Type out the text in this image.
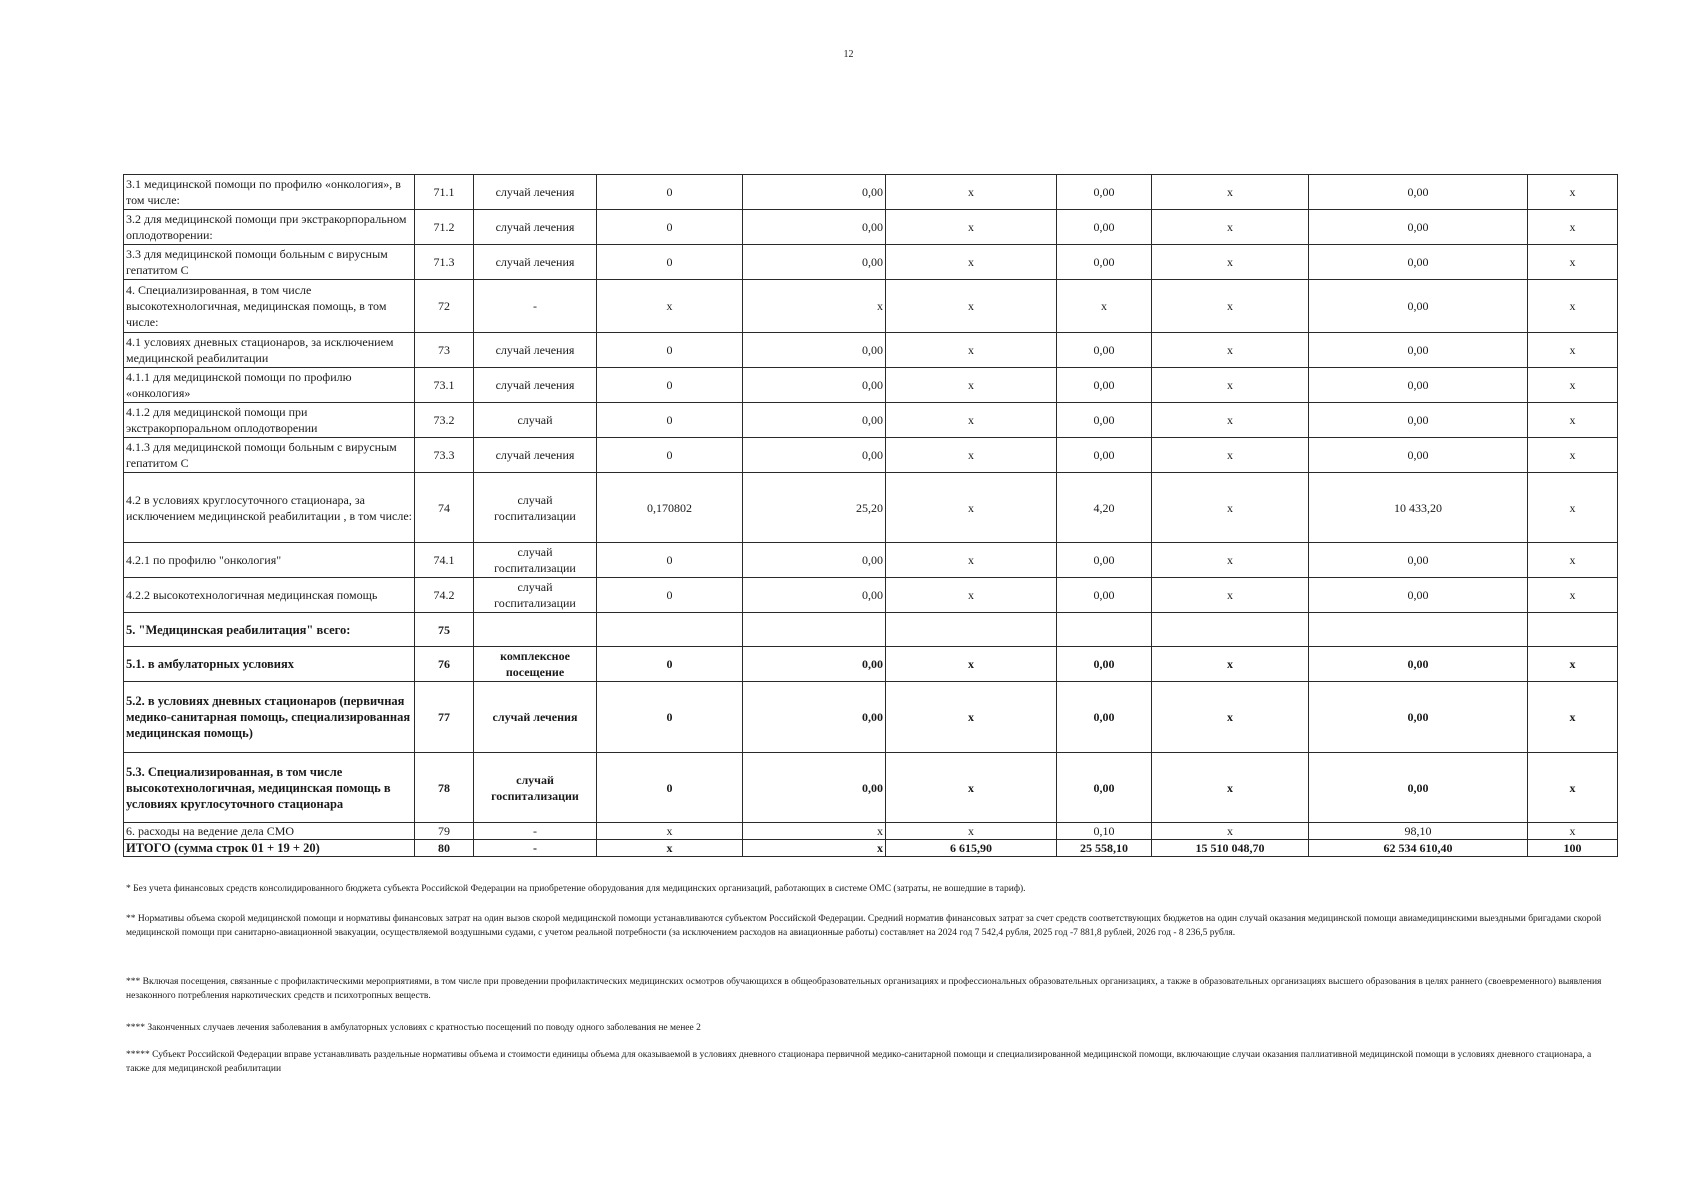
12
3.1 медицинской помощи по профилю «онкология», в том числе:	71.1	случай лечения	0	0,00	x	0,00	x	0,00	x
3.2 для медицинской помощи при экстракорпоральном оплодотворении:	71.2	случай лечения	0	0,00	x	0,00	x	0,00	x
3.3 для медицинской помощи больным с вирусным гепатитом С	71.3	случай лечения	0	0,00	x	0,00	x	0,00	x
4. Специализированная, в том числе высокотехнологичная, медицинская помощь, в том числе:	72	-	x	x	x	x	x	0,00	x
4.1 условиях дневных стационаров, за исключением медицинской реабилитации	73	случай лечения	0	0,00	x	0,00	x	0,00	x
4.1.1 для медицинской помощи по профилю «онкология»	73.1	случай лечения	0	0,00	x	0,00	x	0,00	x
4.1.2 для медицинской помощи при экстракорпоральном оплодотворении	73.2	случай	0	0,00	x	0,00	x	0,00	x
4.1.3 для медицинской помощи больным с вирусным гепатитом С	73.3	случай лечения	0	0,00	x	0,00	x	0,00	x
4.2 в условиях круглосуточного стационара, за исключением медицинской реабилитации , в том числе:	74	случай госпитализации	0,170802	25,20	x	4,20	x	10 433,20	x
4.2.1 по профилю "онкология"	74.1	случай госпитализации	0	0,00	x	0,00	x	0,00	x
4.2.2 высокотехнологичная медицинская помощь	74.2	случай госпитализации	0	0,00	x	0,00	x	0,00	x
5. "Медицинская реабилитация" всего:	75								
5.1. в амбулаторных условиях	76	комплексное посещение	0	0,00	x	0,00	x	0,00	x
5.2. в условиях дневных стационаров (первичная медико-санитарная помощь, специализированная медицинская помощь)	77	случай лечения	0	0,00	x	0,00	x	0,00	x
5.3. Специализированная, в том числе высокотехнологичная, медицинская помощь в условиях круглосуточного стационара	78	случай госпитализации	0	0,00	x	0,00	x	0,00	x
6. расходы на ведение дела СМО	79	-	x	x	x	0,10	x	98,10	x
ИТОГО (сумма строк 01 + 19 + 20)	80	-	x	x	6 615,90	25 558,10	15 510 048,70	62 534 610,40	100

* Без учета финансовых средств консолидированного бюджета субъекта Российской Федерации на приобретение оборудования для медицинских организаций, работающих в системе ОМС (затраты, не вошедшие в тариф).

** Нормативы объема скорой медицинской помощи и нормативы финансовых затрат на один вызов скорой медицинской помощи устанавливаются субъектом Российской Федерации. Средний норматив финансовых затрат за счет средств соответствующих бюджетов на один случай оказания медицинской помощи авиамедицинскими выездными бригадами скорой медицинской помощи при санитарно-авиационной эвакуации, осуществляемой воздушными судами, с учетом реальной потребности (за исключением расходов на авиационные работы) составляет на 2024 год 7 542,4 рубля, 2025 год -7 881,8 рублей, 2026 год - 8 236,5 рубля.

*** Включая посещения, связанные с профилактическими мероприятиями, в том числе при проведении профилактических медицинских осмотров обучающихся в общеобразовательных организациях и профессиональных образовательных организациях, а также в образовательных организациях высшего образования в целях раннего (своевременного) выявления незаконного потребления наркотических средств и психотропных веществ.

**** Законченных случаев лечения заболевания в амбулаторных условиях с кратностью посещений по поводу одного заболевания не менее 2

***** Субъект Российской Федерации вправе устанавливать раздельные нормативы объема и стоимости единицы объема для оказываемой в условиях дневного стационара первичной медико-санитарной помощи и специализированной медицинской помощи, включающие случаи оказания паллиативной медицинской помощи в условиях дневного стационара, а также для медицинской реабилитации
